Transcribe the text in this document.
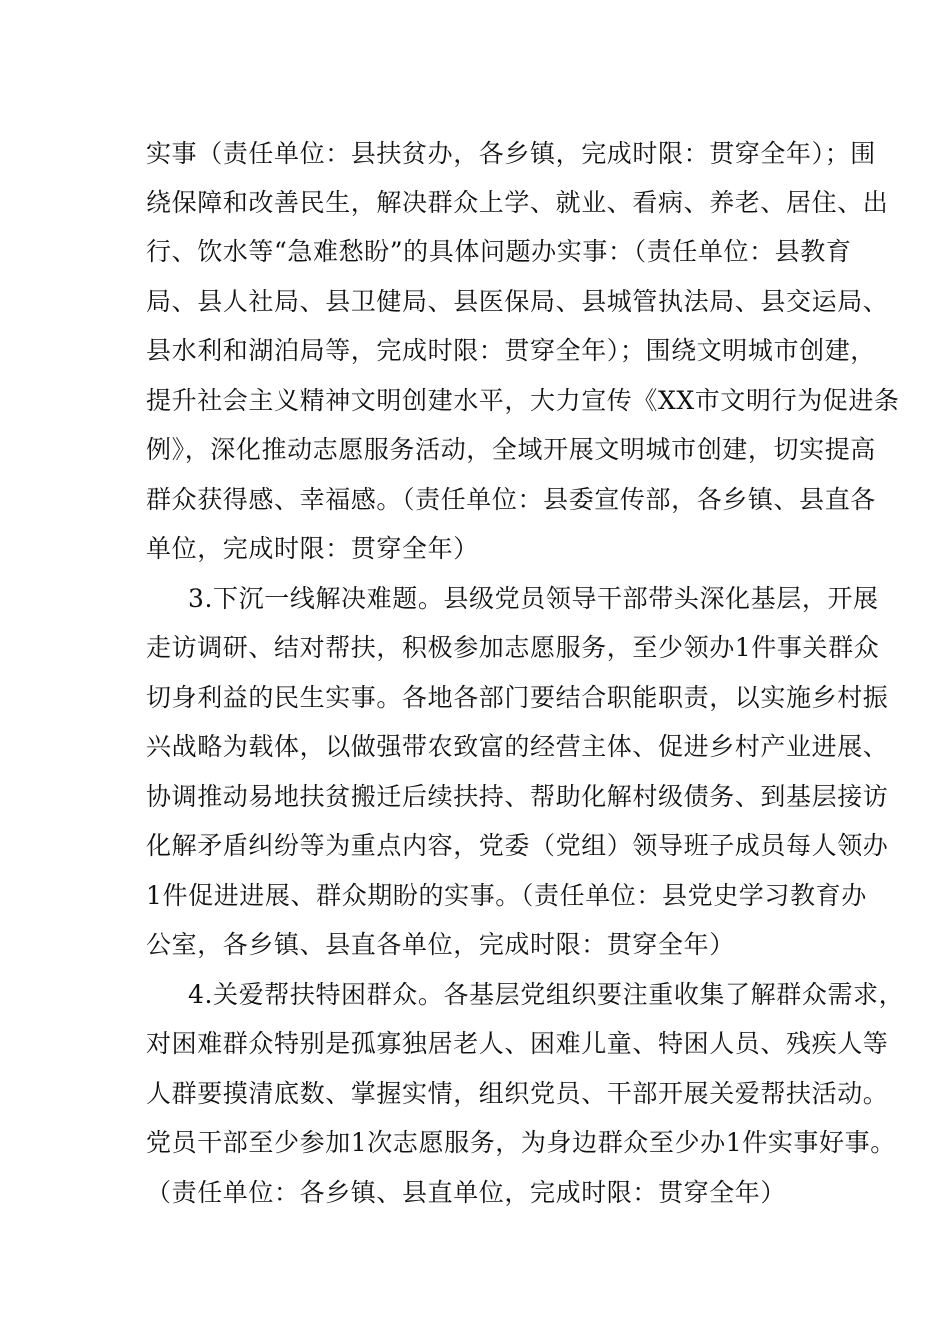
实事（责任单位：县扶贫办，各乡镇，完成时限：贯穿全年）；围
绕保障和改善民生，解决群众上学、就业、看病、养老、居住、出
行、饮水等“急难愁盼”的具体问题办实事：（责任单位：县教育
局、县人社局、县卫健局、县医保局、县城管执法局、县交运局、
县水利和湖泊局等，完成时限：贯穿全年）；围绕文明城市创建，
提升社会主义精神文明创建水平，大力宣传《XX市文明行为促进条
例》，深化推动志愿服务活动，全域开展文明城市创建，切实提高
群众获得感、幸福感。（责任单位：县委宣传部，各乡镇、县直各
单位，完成时限：贯穿全年）
3.下沉一线解决难题。县级党员领导干部带头深化基层，开展
走访调研、结对帮扶，积极参加志愿服务，至少领办1件事关群众
切身利益的民生实事。各地各部门要结合职能职责，以实施乡村振
兴战略为载体，以做强带农致富的经营主体、促进乡村产业进展、
协调推动易地扶贫搬迁后续扶持、帮助化解村级债务、到基层接访
化解矛盾纠纷等为重点内容，党委（党组）领导班子成员每人领办
1件促进进展、群众期盼的实事。（责任单位：县党史学习教育办
公室，各乡镇、县直各单位，完成时限：贯穿全年）
4.关爱帮扶特困群众。各基层党组织要注重收集了解群众需求，
对困难群众特别是孤寡独居老人、困难儿童、特困人员、残疾人等
人群要摸清底数、掌握实情，组织党员、干部开展关爱帮扶活动。
党员干部至少参加1次志愿服务，为身边群众至少办1件实事好事。
（责任单位：各乡镇、县直单位，完成时限：贯穿全年）
